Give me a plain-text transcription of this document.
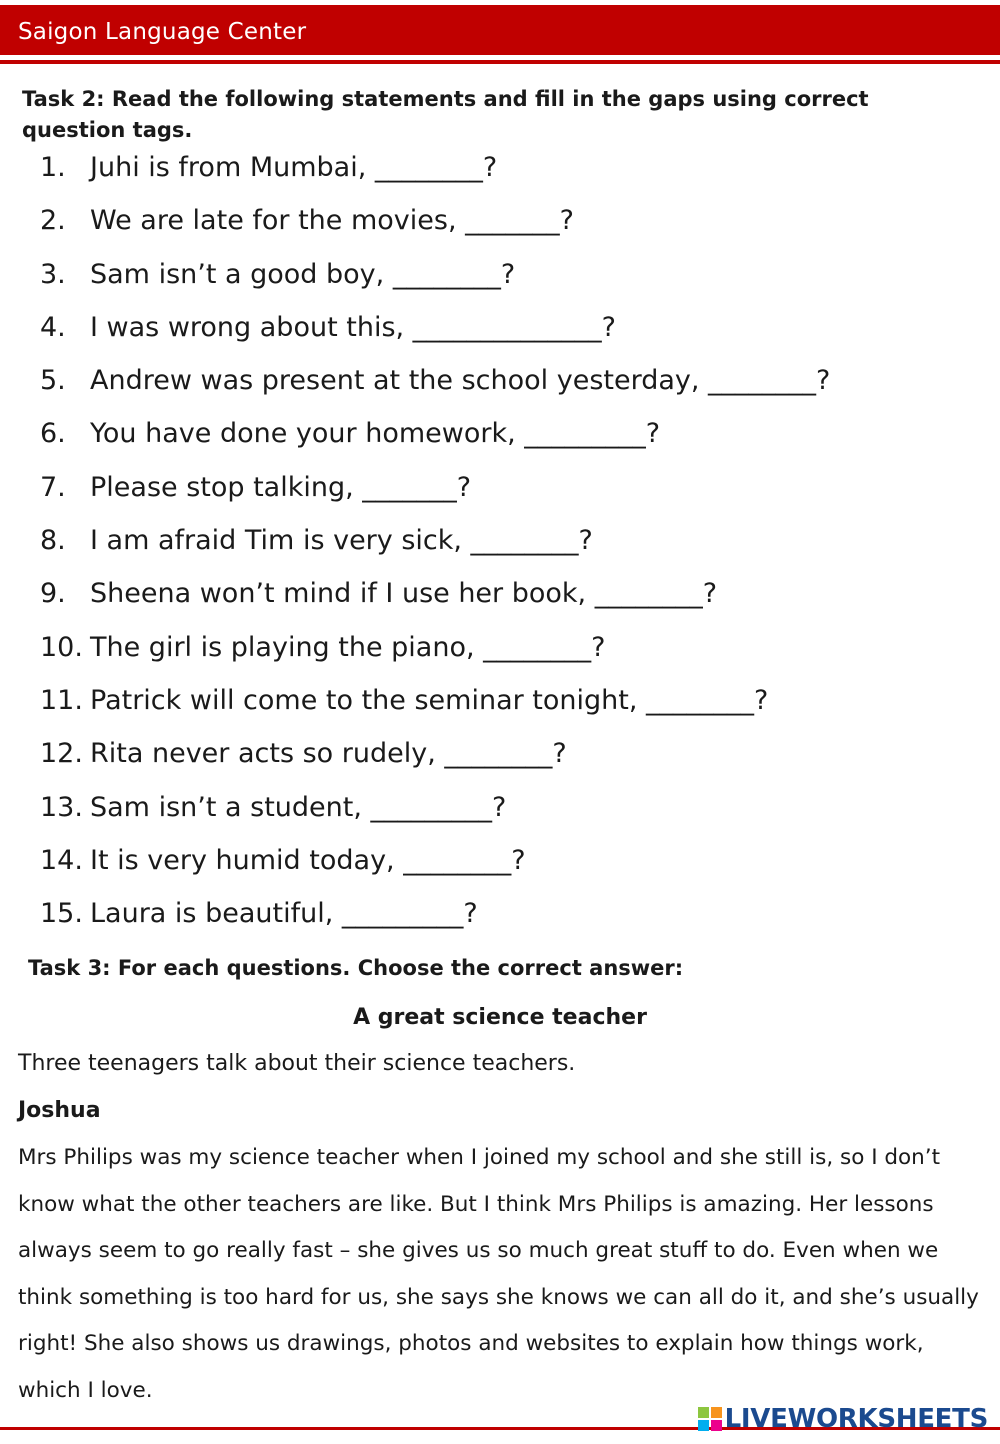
Saigon Language Center
Task 2: Read the following statements and fill in the gaps using correct question tags.
1. Juhi is from Mumbai, ________?
2. We are late for the movies, _______?
3. Sam isn’t a good boy, ________?
4. I was wrong about this, ______________?
5. Andrew was present at the school yesterday, ________?
6. You have done your homework, _________?
7. Please stop talking, _______?
8. I am afraid Tim is very sick, ________?
9. Sheena won’t mind if I use her book, ________?
10. The girl is playing the piano, ________?
11. Patrick will come to the seminar tonight, ________?
12. Rita never acts so rudely, ________?
13. Sam isn’t a student, _________?
14. It is very humid today, ________?
15. Laura is beautiful, _________?
Task 3: For each questions. Choose the correct answer:
A great science teacher
Three teenagers talk about their science teachers.
Joshua

Mrs Philips was my science teacher when I joined my school and she still is, so I don’t know what the other teachers are like. But I think Mrs Philips is amazing. Her lessons always seem to go really fast – she gives us so much great stuff to do. Even when we think something is too hard for us, she says she knows we can all do it, and she’s usually right! She also shows us drawings, photos and websites to explain how things work, which I love.

LIVEWORKSHEETS
